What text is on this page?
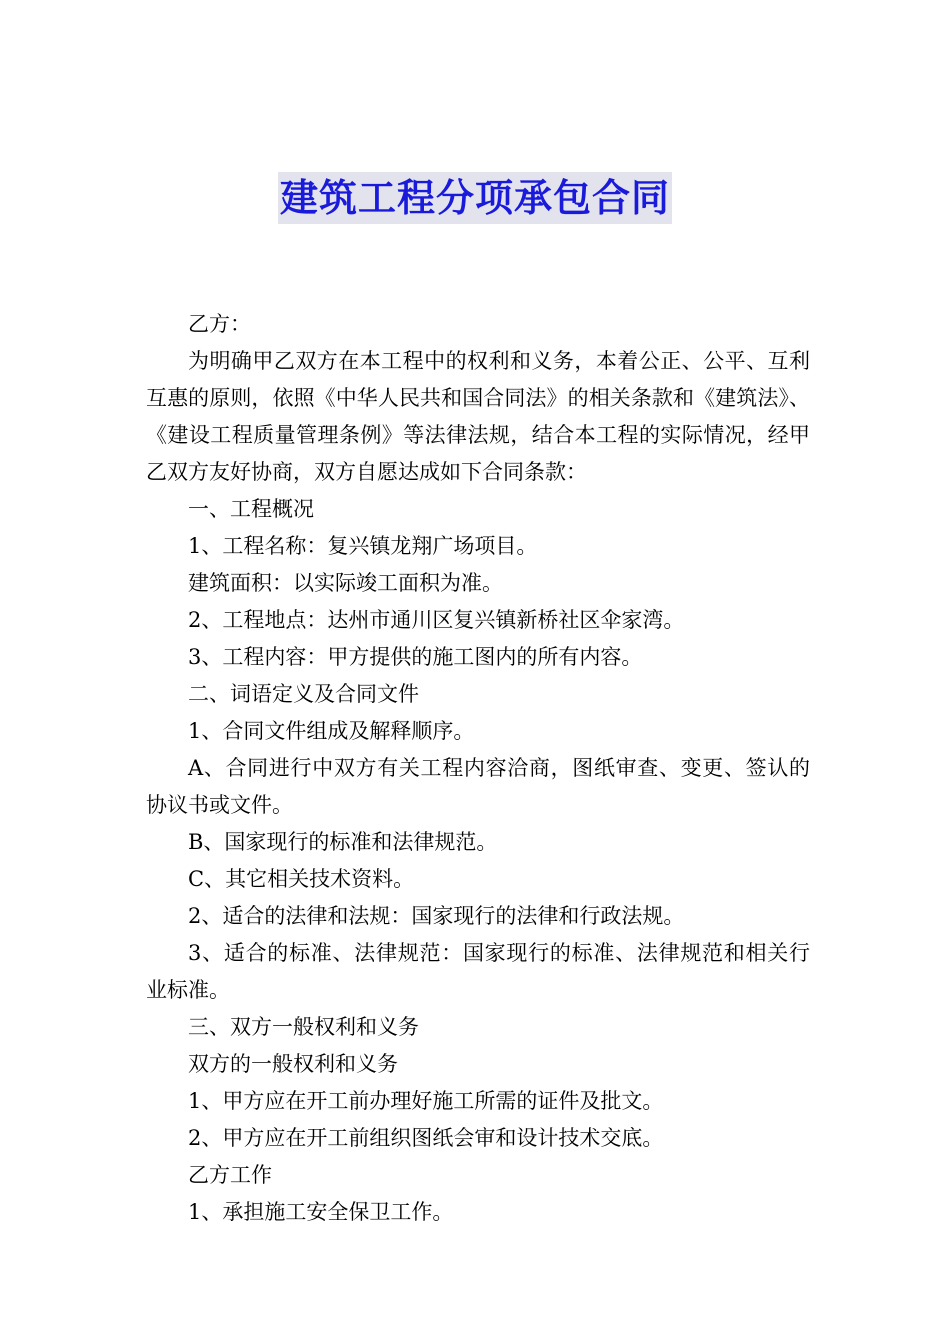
建筑工程分项承包合同

乙方：

为明确甲乙双方在本工程中的权利和义务，本着公正、公平、互利互惠的原则，依照《中华人民共和国合同法》的相关条款和《建筑法》、《建设工程质量管理条例》等法律法规，结合本工程的实际情况，经甲乙双方友好协商，双方自愿达成如下合同条款：

一、工程概况

1、工程名称：复兴镇龙翔广场项目。

建筑面积：以实际竣工面积为准。

2、工程地点：达州市通川区复兴镇新桥社区伞家湾。

3、工程内容：甲方提供的施工图内的所有内容。

二、词语定义及合同文件

1、合同文件组成及解释顺序。

A、合同进行中双方有关工程内容洽商，图纸审查、变更、签认的协议书或文件。

B、国家现行的标准和法律规范。

C、其它相关技术资料。

2、适合的法律和法规：国家现行的法律和行政法规。

3、适合的标准、法律规范：国家现行的标准、法律规范和相关行业标准。

三、双方一般权利和义务

双方的一般权利和义务

1、甲方应在开工前办理好施工所需的证件及批文。

2、甲方应在开工前组织图纸会审和设计技术交底。

乙方工作

1、承担施工安全保卫工作。
